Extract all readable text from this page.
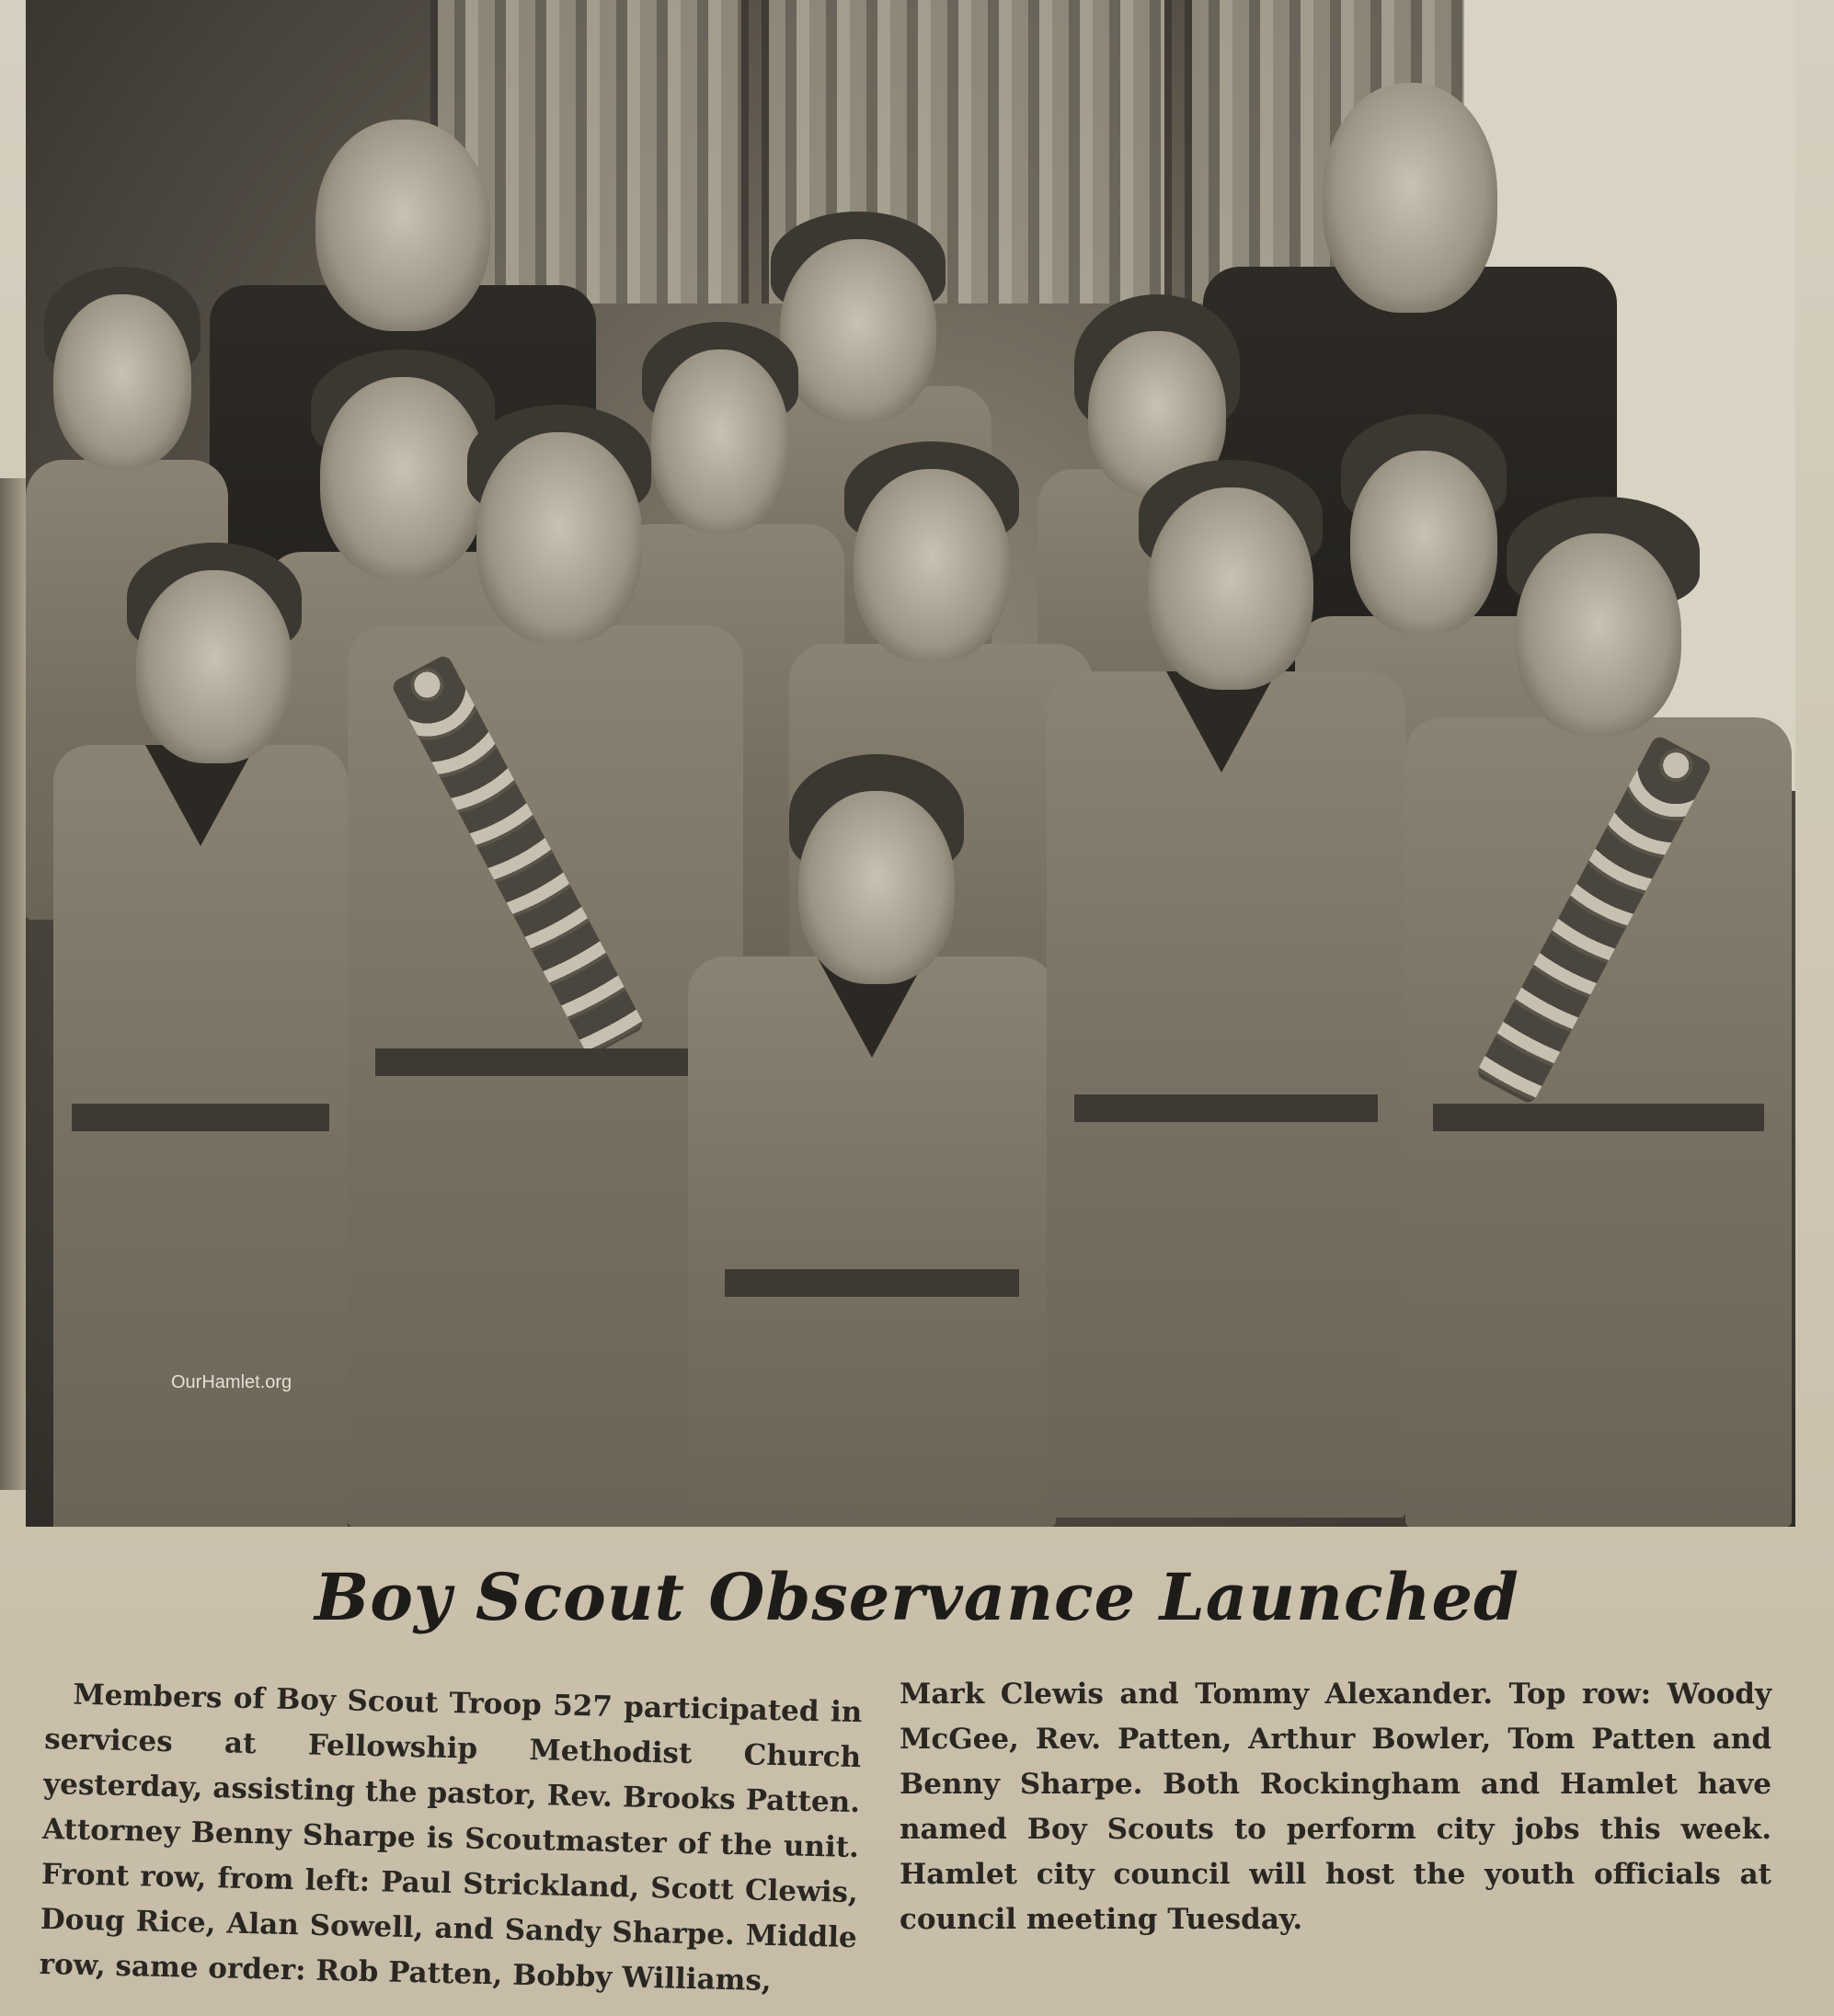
OurHamlet.org
Boy Scout Observance Launched

Members of Boy Scout Troop 527 participated in services at Fellowship Methodist Church yesterday, assisting the pastor, Rev. Brooks Patten. Attorney Benny Sharpe is Scoutmaster of the unit. Front row, from left: Paul Strickland, Scott Clewis, Doug Rice, Alan Sowell, and Sandy Sharpe. Middle row, same order: Rob Patten, Bobby Williams,

Mark Clewis and Tommy Alexander. Top row: Woody McGee, Rev. Patten, Arthur Bowler, Tom Patten and Benny Sharpe. Both Rockingham and Hamlet have named Boy Scouts to perform city jobs this week. Hamlet city council will host the youth officials at council meeting Tuesday.
